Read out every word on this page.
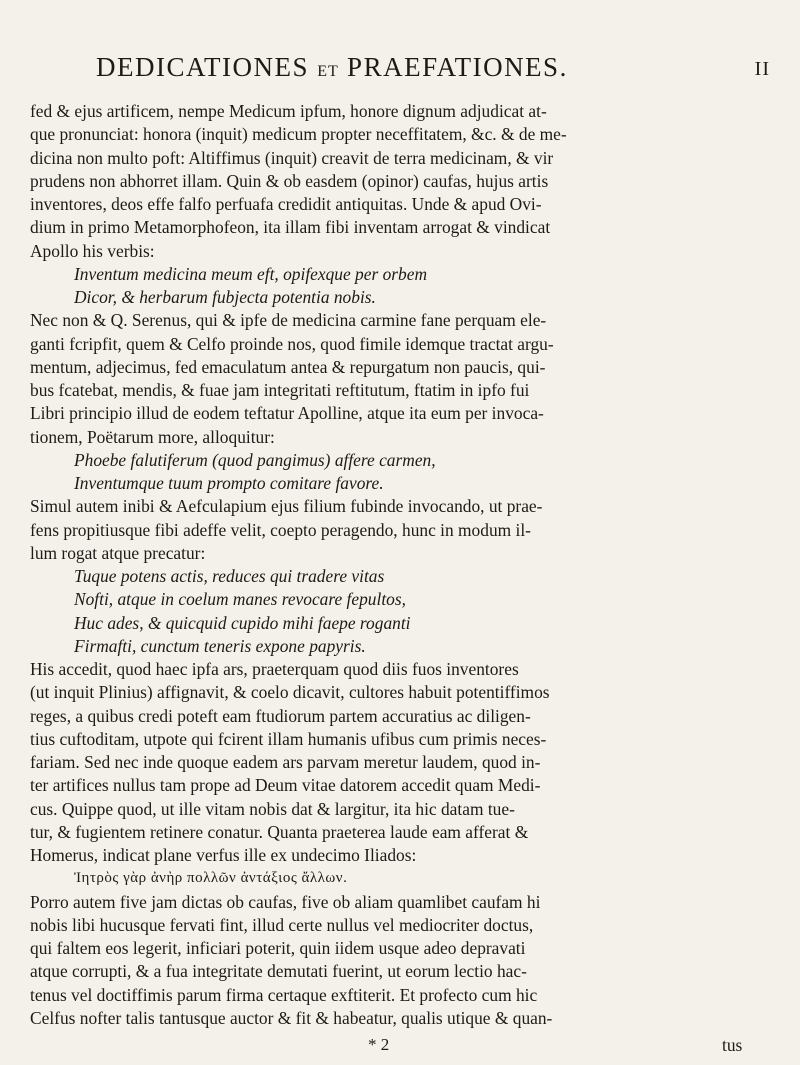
DEDICATIONES ET PRAEFATIONES.	II
fed & ejus artificem, nempe Medicum ipfum, honore dignum adjudicat at-
que pronunciat: honora (inquit) medicum propter neceffitatem, &c. & de me-
dicina non multo poft: Altiffimus (inquit) creavit de terra medicinam, & vir
prudens non abhorret illam. Quin & ob easdem (opinor) caufas, hujus artis
inventores, deos effe falfo perfuafa credidit antiquitas. Unde & apud Ovi-
dium in primo Metamorphofeon, ita illam fibi inventam arrogat & vindicat
Apollo his verbis:
Inventum medicina meum eft, opifexque per orbem
Dicor, & herbarum fubjecta potentia nobis.
Nec non & Q. Serenus, qui & ipfe de medicina carmine fane perquam ele-
ganti fcripfit, quem & Celfo proinde nos, quod fimile idemque tractat argu-
mentum, adjecimus, fed emaculatum antea & repurgatum non paucis, qui-
bus fcatebat, mendis, & fuae jam integritati reftitutum, ftatim in ipfo fui
Libri principio illud de eodem teftatur Apolline, atque ita eum per invoca-
tionem, Poëtarum more, alloquitur:
Phoebe falutiferum (quod pangimus) affere carmen,
Inventumque tuum prompto comitare favore.
Simul autem inibi & Aefculapium ejus filium fubinde invocando, ut prae-
fens propitiusque fibi adeffe velit, coepto peragendo, hunc in modum il-
lum rogat atque precatur:
Tuque potens actis, reduces qui tradere vitas
Nofti, atque in coelum manes revocare fepultos,
Huc ades, & quicquid cupido mihi faepe roganti
Firmafti, cunctum teneris expone papyris.
His accedit, quod haec ipfa ars, praeterquam quod diis fuos inventores
(ut inquit Plinius) affignavit, & coelo dicavit, cultores habuit potentiffimos
reges, a quibus credi poteft eam ftudiorum partem accuratius ac diligen-
tius cuftoditam, utpote qui fcirent illam humanis ufibus cum primis neces-
fariam. Sed nec inde quoque eadem ars parvam meretur laudem, quod in-
ter artifices nullus tam prope ad Deum vitae datorem accedit quam Medi-
cus. Quippe quod, ut ille vitam nobis dat & largitur, ita hic datam tue-
tur, & fugientem retinere conatur. Quanta praeterea laude eam afferat &
Homerus, indicat plane verfus ille ex undecimo Iliados:
Ἰητρὸς γὰρ ἀνὴρ πολλῶν ἀντάξιος ἄλλων.
Porro autem five jam dictas ob caufas, five ob aliam quamlibet caufam hi
nobis libi hucusque fervati fint, illud certe nullus vel mediocriter doctus,
qui faltem eos legerit, inficiari poterit, quin iidem usque adeo depravati
atque corrupti, & a fua integritate demutati fuerint, ut eorum lectio hac-
tenus vel doctiffimis parum firma certaque exftiterit. Et profecto cum hic
Celfus nofter talis tantusque auctor & fit & habeatur, qualis utique & quan-
* 2	tus
